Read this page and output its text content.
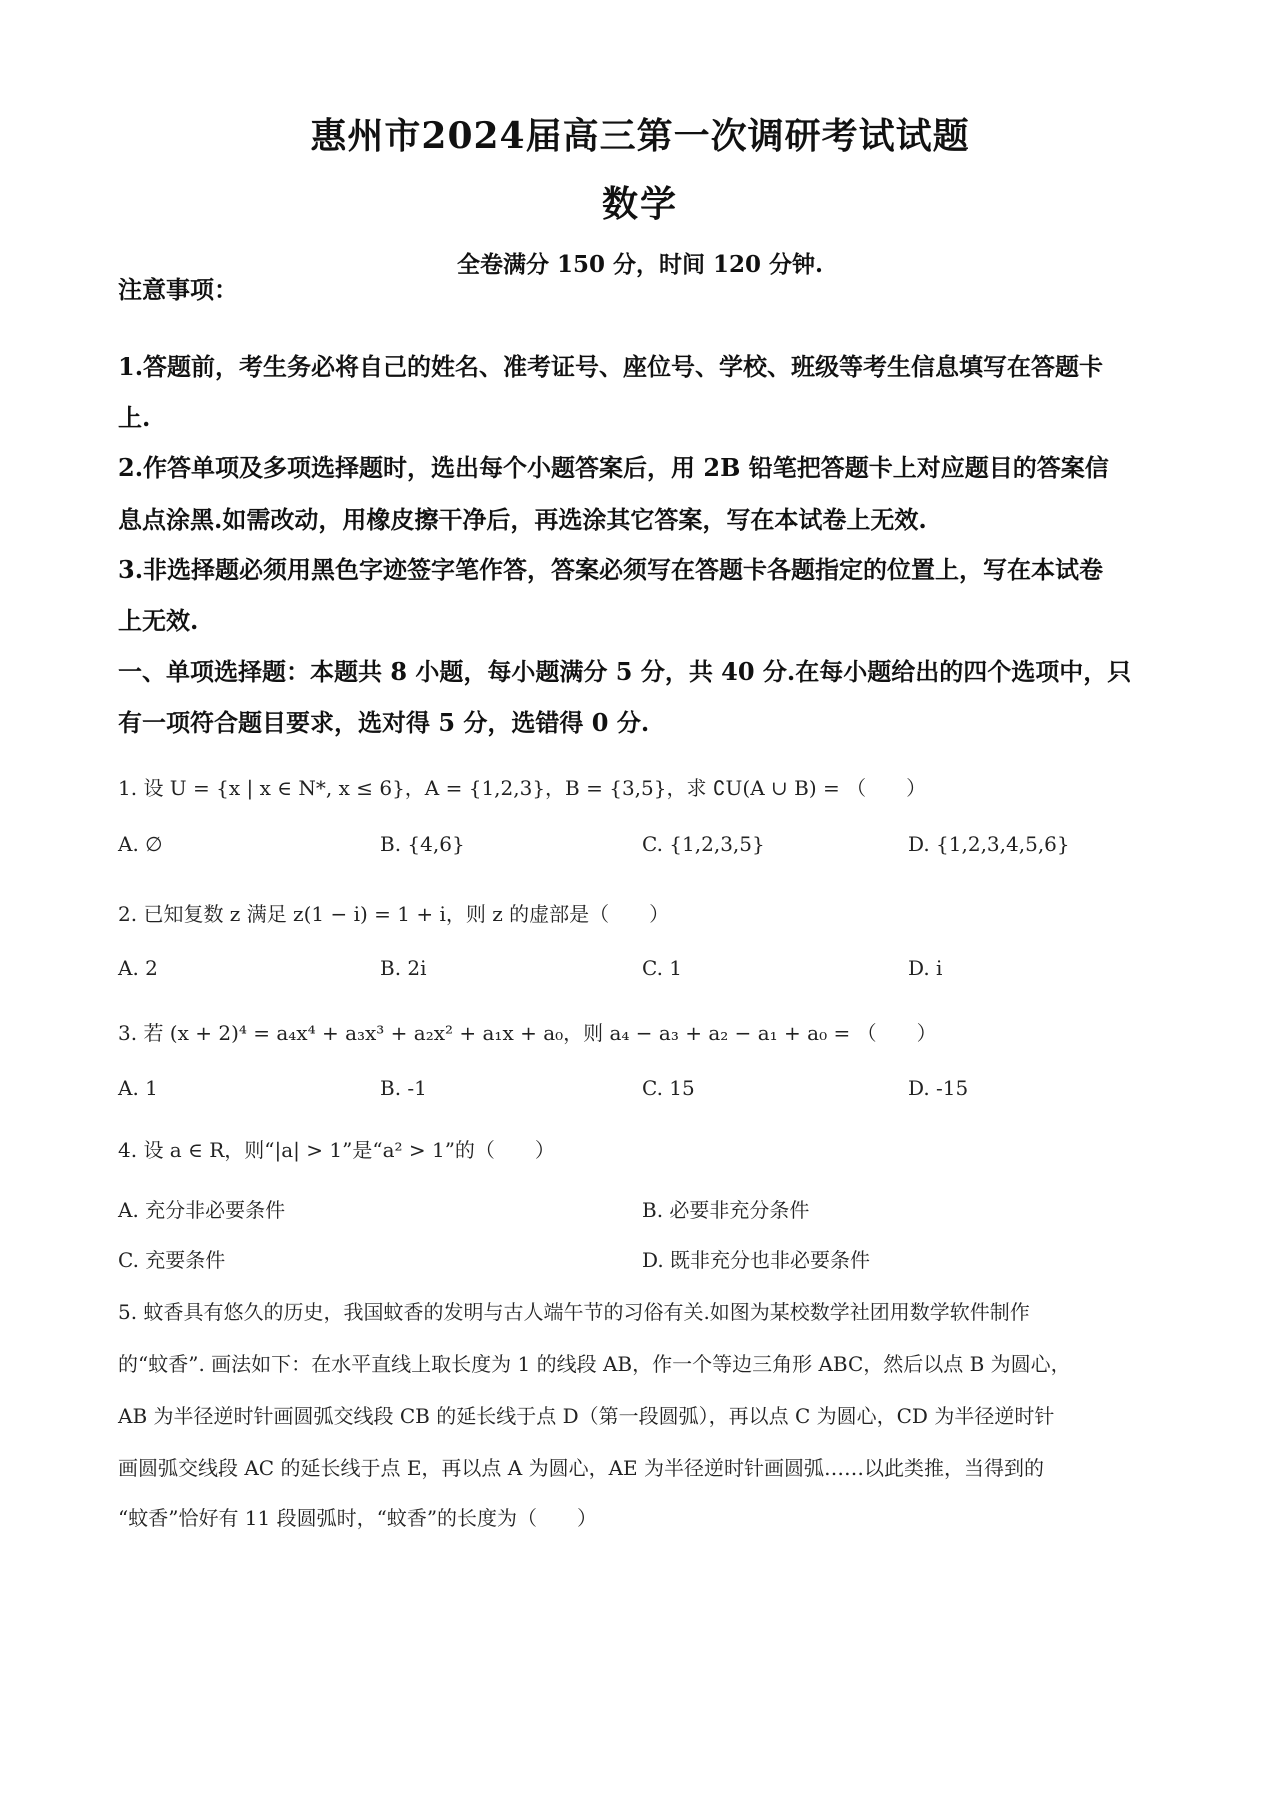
惠州市2024届高三第一次调研考试试题
数学
全卷满分 150 分，时间 120 分钟.
注意事项：
1.答题前，考生务必将自己的姓名、准考证号、座位号、学校、班级等考生信息填写在答题卡
上.
2.作答单项及多项选择题时，选出每个小题答案后，用 2B 铅笔把答题卡上对应题目的答案信
息点涂黑.如需改动，用橡皮擦干净后，再选涂其它答案，写在本试卷上无效.
3.非选择题必须用黑色字迹签字笔作答，答案必须写在答题卡各题指定的位置上，写在本试卷
上无效.
一、单项选择题：本题共 8 小题，每小题满分 5 分，共 40 分.在每小题给出的四个选项中，只
有一项符合题目要求，选对得 5 分，选错得 0 分.
1. 设 U = {x | x ∈ N*, x ≤ 6}，A = {1,2,3}，B = {3,5}，求 ∁U(A ∪ B) = （　　）
A. ∅	B. {4,6}	C. {1,2,3,5}	D. {1,2,3,4,5,6}
2. 已知复数 z 满足 z(1 − i) = 1 + i，则 z 的虚部是（　　）
A. 2	B. 2i	C. 1	D. i
3. 若 (x + 2)⁴ = a₄x⁴ + a₃x³ + a₂x² + a₁x + a₀，则 a₄ − a₃ + a₂ − a₁ + a₀ = （　　）
A. 1	B. -1	C. 15	D. -15
4. 设 a ∈ R，则“|a| > 1”是“a² > 1”的（　　）
A. 充分非必要条件	B. 必要非充分条件
C. 充要条件	D. 既非充分也非必要条件
5. 蚊香具有悠久的历史，我国蚊香的发明与古人端午节的习俗有关.如图为某校数学社团用数学软件制作
的“蚊香”. 画法如下：在水平直线上取长度为 1 的线段 AB，作一个等边三角形 ABC，然后以点 B 为圆心，
AB 为半径逆时针画圆弧交线段 CB 的延长线于点 D（第一段圆弧），再以点 C 为圆心，CD 为半径逆时针
画圆弧交线段 AC 的延长线于点 E，再以点 A 为圆心，AE 为半径逆时针画圆弧……以此类推，当得到的
“蚊香”恰好有 11 段圆弧时，“蚊香”的长度为（　　）
